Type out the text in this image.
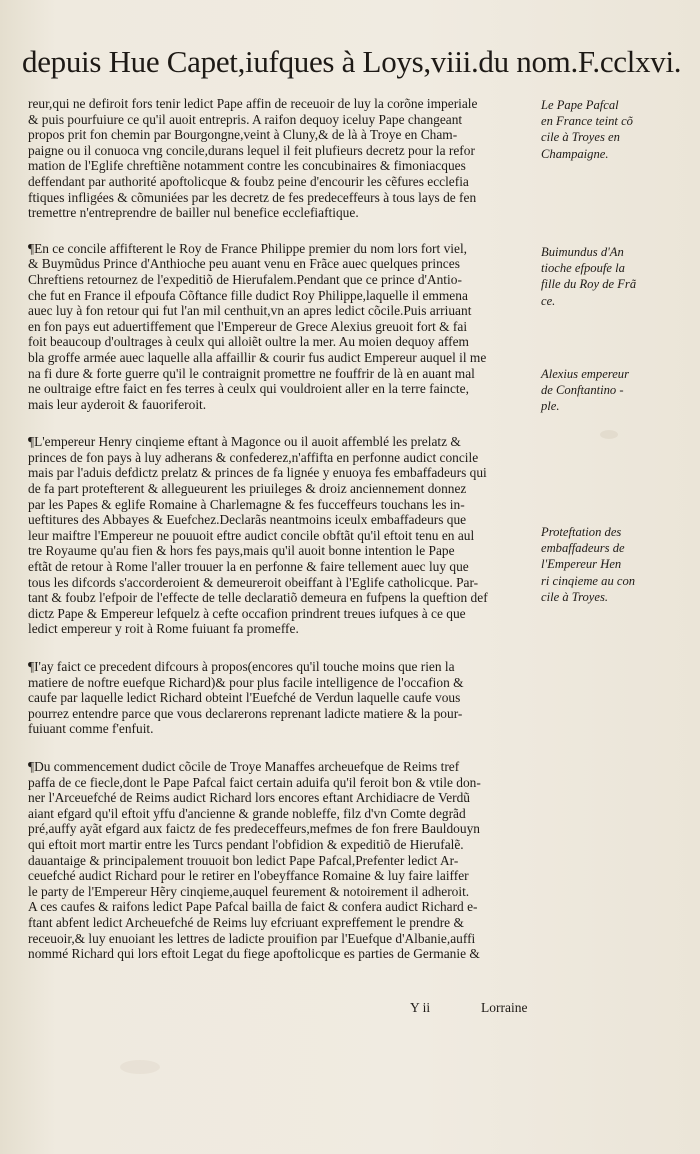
depuis Hue Capet,iufques à Loys,viii.du nom.F.cclxvi.
reur,qui ne defiroit fors tenir ledict Pape affin de receuoir de luy la corõne imperiale
& puis pourfuiure ce qu'il auoit entrepris. A raifon dequoy iceluy Pape changeant
propos prit fon chemin par Bourgongne,veint à Cluny,& de là à Troye en Cham-
paigne ou il conuoca vng concile,durans lequel il feit plufieurs decretz pour la refor
mation de l'Eglife chreftiẽne notamment contre les concubinaires & fimoniacques
deffendant par authorité apoftolicque & foubz peine d'encourir les cẽfures ecclefia
ftiques infligées & cõmuniées par les decretz de fes predeceffeurs à tous lays de fen
tremettre n'entreprendre de bailler nul benefice ecclefiaftique.
¶En ce concile affifterent le Roy de France Philippe premier du nom lors fort viel,
& Buymũdus Prince d'Anthioche peu auant venu en Frãce auec quelques princes
Chreftiens retournez de l'expeditiõ de Hierufalem.Pendant que ce prince d'Antio-
che fut en France il efpoufa Cõftance fille dudict Roy Philippe,laquelle il emmena
auec luy à fon retour qui fut l'an mil centhuit,vn an apres ledict cõcile.Puis arriuant
en fon pays eut aduertiffement que l'Empereur de Grece Alexius greuoit fort & fai
foit beaucoup d'oultrages à ceulx qui alloiẽt oultre la mer. Au moien dequoy affem
bla groffe armée auec laquelle alla affaillir & courir fus audict Empereur auquel il me
na fi dure & forte guerre qu'il le contraignit promettre ne fouffrir de là en auant mal
ne oultraige eftre faict en fes terres à ceulx qui vouldroient aller en la terre faincte,
mais leur ayderoit & fauoriferoit.
¶L'empereur Henry cinqieme eftant à Magonce ou il auoit affemblé les prelatz &
princes de fon pays à luy adherans & confederez,n'affifta en perfonne audict concile
mais par l'aduis defdictz prelatz & princes de fa lignée y enuoya fes embaffadeurs qui
de fa part protefterent & allegueurent les priuileges & droiz anciennement donnez
par les Papes & eglife Romaine à Charlemagne & fes fucceffeurs touchans les in-
ueftitures des Abbayes & Euefchez.Declarãs neantmoins iceulx embaffadeurs que
leur maiftre l'Empereur ne pouuoit eftre audict concile obftãt qu'il eftoit tenu en aul
tre Royaume qu'au fien & hors fes pays,mais qu'il auoit bonne intention le Pape
eftãt de retour à Rome l'aller trouuer la en perfonne & faire tellement auec luy que
tous les difcords s'accorderoient & demeureroit obeiffant à l'Eglife catholicque. Par-
tant & foubz l'efpoir de l'effecte de telle declaratiõ demeura en fufpens la queftion def
dictz Pape & Empereur lefquelz à cefte occafion prindrent treues iufques à ce que
ledict empereur y roit à Rome fuiuant fa promeffe.
¶I'ay faict ce precedent difcours à propos(encores qu'il touche moins que rien la
matiere de noftre euefque Richard)& pour plus facile intelligence de l'occafion &
caufe par laquelle ledict Richard obteint l'Euefché de Verdun laquelle caufe vous
pourrez entendre parce que vous declarerons reprenant ladicte matiere & la pour-
fuiuant comme f'enfuit.
¶Du commencement dudict cõcile de Troye Manaffes archeuefque de Reims tref
paffa de ce fiecle,dont le Pape Pafcal faict certain aduifa qu'il feroit bon & vtile don-
ner l'Arceuefché de Reims audict Richard lors encores eftant Archidiacre de Verdũ
aiant efgard qu'il eftoit yffu d'ancienne & grande nobleffe, filz d'vn Comte degrãd
pré,auffy ayãt efgard aux faictz de fes predeceffeurs,mefmes de fon frere Bauldouyn
qui eftoit mort martir entre les Turcs pendant l'obfidion & expeditiõ de Hierufalẽ.
dauantaige & principalement trouuoit bon ledict Pape Pafcal,Prefenter ledict Ar-
ceuefché audict Richard pour le retirer en l'obeyffance Romaine & luy faire laiffer
le party de l'Empereur Hẽry cinqieme,auquel feurement & notoirement il adheroit.
A ces caufes & raifons ledict Pape Pafcal bailla de faict & confera audict Richard e-
ftant abfent ledict Archeuefché de Reims luy efcriuant expreffement le prendre &
receuoir,& luy enuoiant les lettres de ladicte prouifion par l'Euefque d'Albanie,auffi
nommé Richard qui lors eftoit Legat du fiege apoftolicque es parties de Germanie &
Le Pape Pafcal
en France teint cõ
cile à Troyes en
Champaigne.
Buimundus d'An
tioche efpoufe la
fille du Roy de Frã
ce.
Alexius empereur
de Conftantino -
ple.
Proteftation des
embaffadeurs de
l'Empereur Hen
ri cinqieme au con
cile à Troyes.
Y ii	Lorraine
